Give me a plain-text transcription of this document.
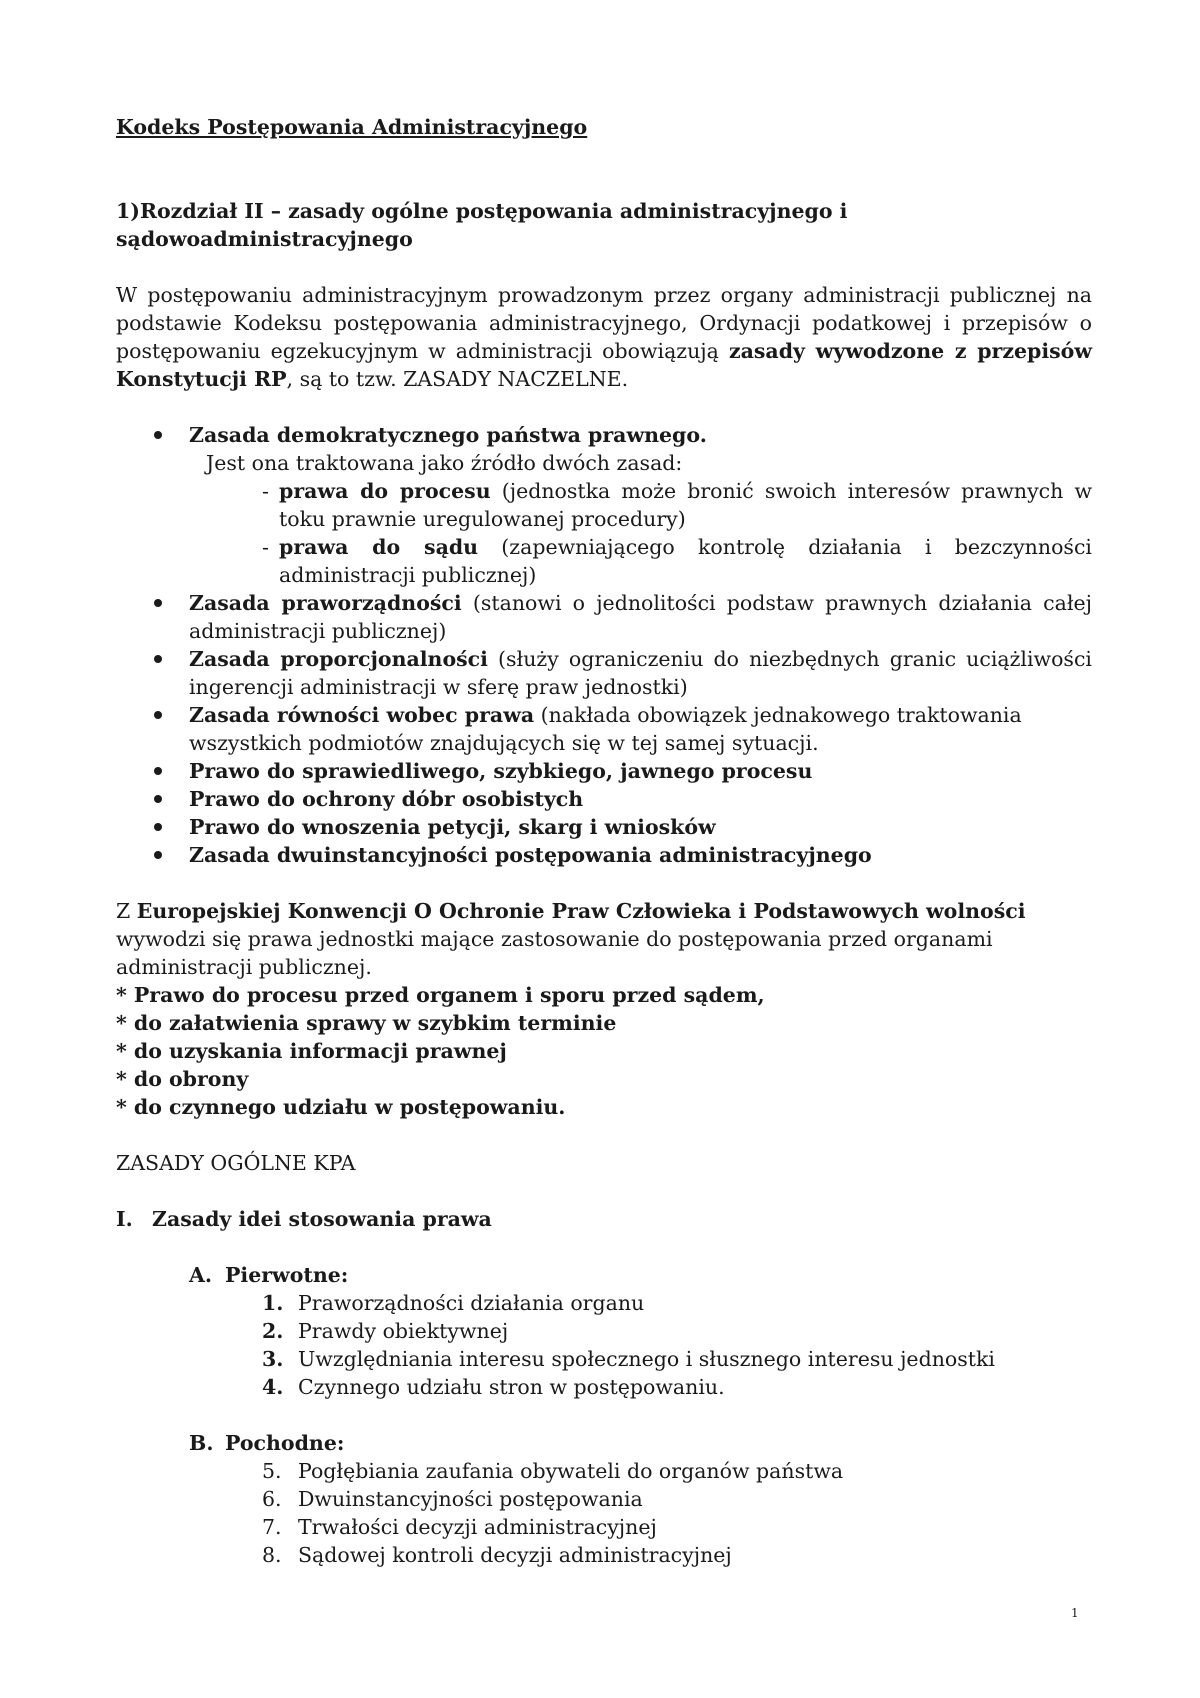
Kodeks Postępowania Administracyjnego

1)Rozdział II – zasady ogólne postępowania administracyjnego i sądowoadministracyjnego

W postępowaniu administracyjnym prowadzonym przez organy administracji publicznej na podstawie Kodeksu postępowania administracyjnego, Ordynacji podatkowej i przepisów o postępowaniu egzekucyjnym w administracji obowiązują zasady wywodzone z przepisów Konstytucji RP, są to tzw. ZASADY NACZELNE.

Zasada demokratycznego państwa prawnego.

Jest ona traktowana jako źródło dwóch zasad:

- prawa do procesu (jednostka może bronić swoich interesów prawnych w toku prawnie uregulowanej procedury)

- prawa do sądu (zapewniającego kontrolę działania i bezczynności administracji publicznej)

Zasada praworządności (stanowi o jednolitości podstaw prawnych działania całej administracji publicznej)

Zasada proporcjonalności (służy ograniczeniu do niezbędnych granic uciążliwości ingerencji administracji w sferę praw jednostki)

Zasada równości wobec prawa (nakłada obowiązek jednakowego traktowania wszystkich podmiotów znajdujących się w tej samej sytuacji.

Prawo do sprawiedliwego, szybkiego, jawnego procesu

Prawo do ochrony dóbr osobistych

Prawo do wnoszenia petycji, skarg i wniosków

Zasada dwuinstancyjności postępowania administracyjnego

Z Europejskiej Konwencji O Ochronie Praw Człowieka i Podstawowych wolności wywodzi się prawa jednostki mające zastosowanie do postępowania przed organami administracji publicznej.

* Prawo do procesu przed organem i sporu przed sądem,

* do załatwienia sprawy w szybkim terminie

* do uzyskania informacji prawnej

* do obrony

* do czynnego udziału w postępowaniu.

ZASADY OGÓLNE KPA

I. Zasady idei stosowania prawa

A. Pierwotne:

1. Praworządności działania organu

2. Prawdy obiektywnej

3. Uwzględniania interesu społecznego i słusznego interesu jednostki

4. Czynnego udziału stron w postępowaniu.

B. Pochodne:

5. Pogłębiania zaufania obywateli do organów państwa

6. Dwuinstancyjności postępowania

7. Trwałości decyzji administracyjnej

8. Sądowej kontroli decyzji administracyjnej

1
